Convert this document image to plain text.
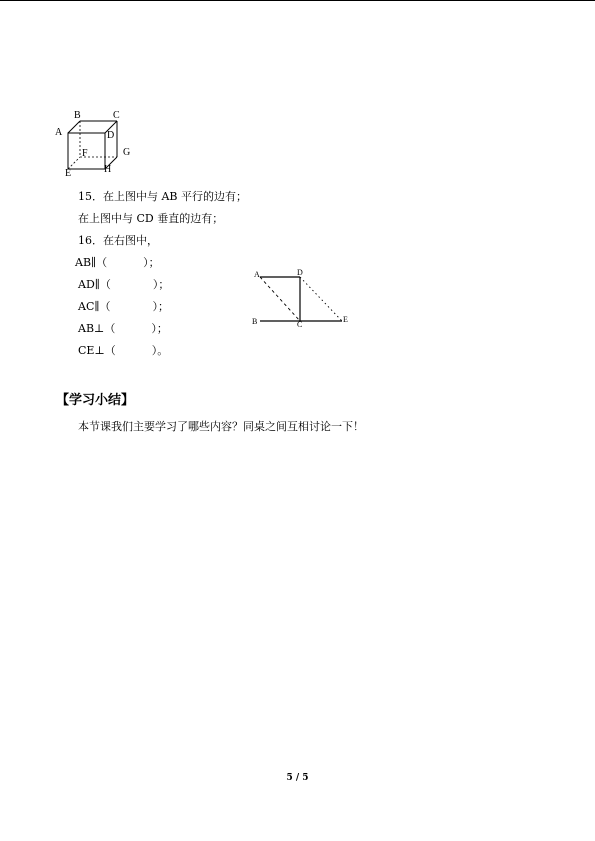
B	C
A	D
F	G
H
E
15．在上图中与 AB 平行的边有；
在上图中与 CD 垂直的边有；
16．在右图中，
AB∥（	）；
AD∥（	）；
AC∥（	）；
AB⊥（	）；
CE⊥（	）。
A	D
B	C
E
【学习小结】
本节课我们主要学习了哪些内容？同桌之间互相讨论一下！
5 / 5
